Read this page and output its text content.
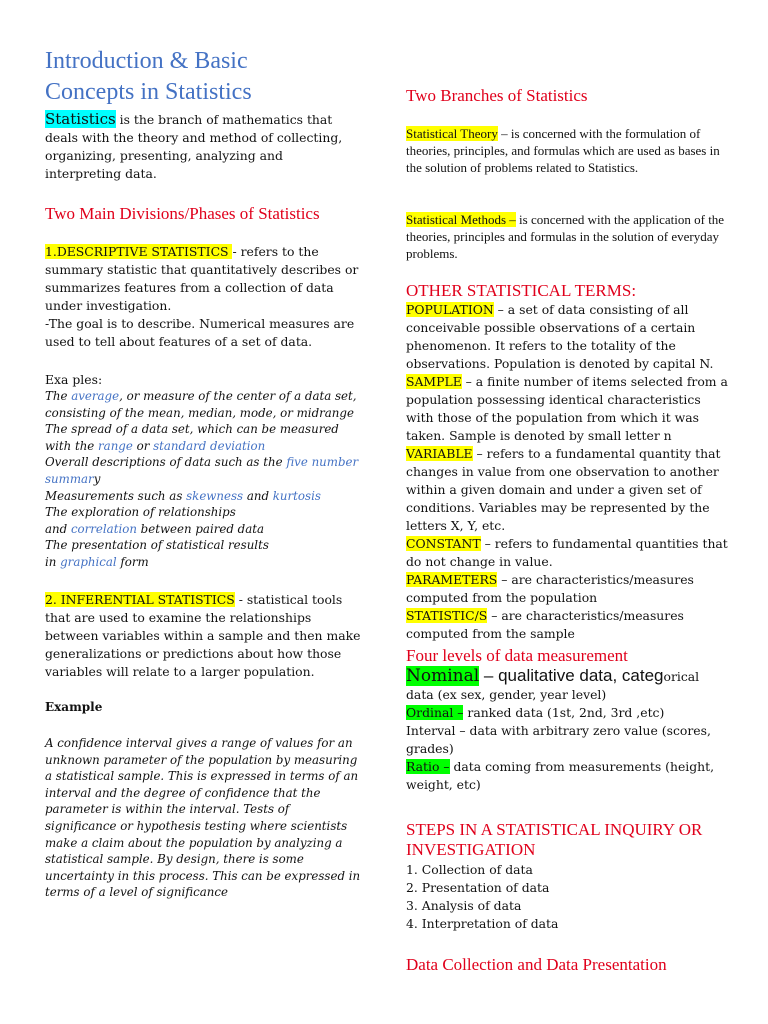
Introduction & Basic
Concepts in Statistics

Statistics is the branch of mathematics that deals with the theory and method of collecting, organizing, presenting, analyzing and interpreting data.

Two Main Divisions/Phases of Statistics

1.DESCRIPTIVE STATISTICS - refers to the summary statistic that quantitatively describes or summarizes features from a collection of data under investigation.
-The goal is to describe. Numerical measures are used to tell about features of a set of data.

Exa ples:

The average, or measure of the center of a data set, consisting of the mean, median, mode, or midrange
The spread of a data set, which can be measured with the range or standard deviation
Overall descriptions of data such as the five number summary
Measurements such as skewness and kurtosis
The exploration of relationships
and correlation between paired data
The presentation of statistical results
in graphical form

2. INFERENTIAL STATISTICS - statistical tools that are used to examine the relationships between variables within a sample and then make generalizations or predictions about how those variables will relate to a larger population.

Example

A confidence interval gives a range of values for an unknown parameter of the population by measuring a statistical sample. This is expressed in terms of an interval and the degree of confidence that the parameter is within the interval. Tests of significance or hypothesis testing where scientists make a claim about the population by analyzing a statistical sample. By design, there is some uncertainty in this process. This can be expressed in terms of a level of significance

Two Branches of Statistics

Statistical Theory – is concerned with the formulation of theories, principles, and formulas which are used as bases in the solution of problems related to Statistics.

Statistical Methods – is concerned with the application of the theories, principles and formulas in the solution of everyday problems.

OTHER STATISTICAL TERMS:
POPULATION – a set of data consisting of all conceivable possible observations of a certain phenomenon. It refers to the totality of the observations. Population is denoted by capital N.
SAMPLE – a finite number of items selected from a population possessing identical characteristics with those of the population from which it was taken. Sample is denoted by small letter n
VARIABLE – refers to a fundamental quantity that changes in value from one observation to another within a given domain and under a given set of conditions. Variables may be represented by the letters X, Y, etc.
CONSTANT – refers to fundamental quantities that do not change in value.
PARAMETERS – are characteristics/measures computed from the population
STATISTIC/S – are characteristics/measures computed from the sample
Four levels of data measurement
Nominal – qualitative data, categorical data (ex sex, gender, year level)
Ordinal – ranked data (1st, 2nd, 3rd ,etc)
Interval – data with arbitrary zero value (scores, grades)
Ratio – data coming from measurements (height, weight, etc)
STEPS IN A STATISTICAL INQUIRY OR INVESTIGATION
1. Collection of data
2. Presentation of data
3. Analysis of data
4. Interpretation of data
Data Collection and Data Presentation
